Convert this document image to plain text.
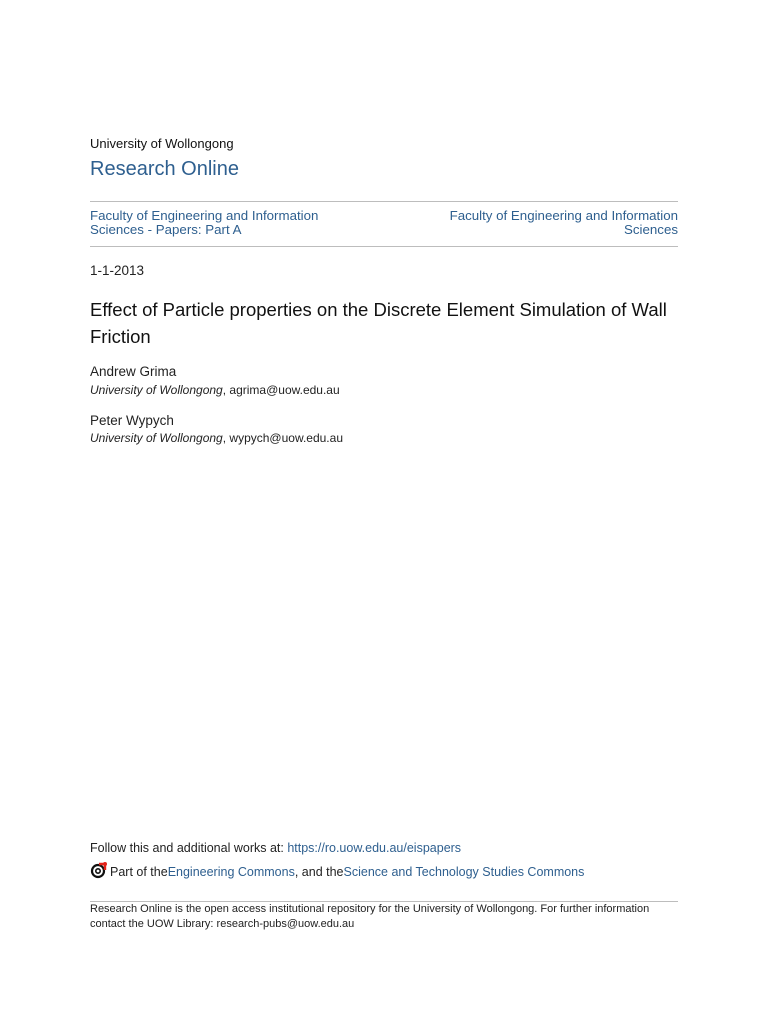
University of Wollongong
Research Online
Faculty of Engineering and Information Sciences - Papers: Part A
Faculty of Engineering and Information Sciences
1-1-2013
Effect of Particle properties on the Discrete Element Simulation of Wall Friction
Andrew Grima
University of Wollongong, agrima@uow.edu.au
Peter Wypych
University of Wollongong, wypych@uow.edu.au
Follow this and additional works at: https://ro.uow.edu.au/eispapers
Part of the Engineering Commons , and the Science and Technology Studies Commons
Research Online is the open access institutional repository for the University of Wollongong. For further information
contact the UOW Library: research-pubs@uow.edu.au
